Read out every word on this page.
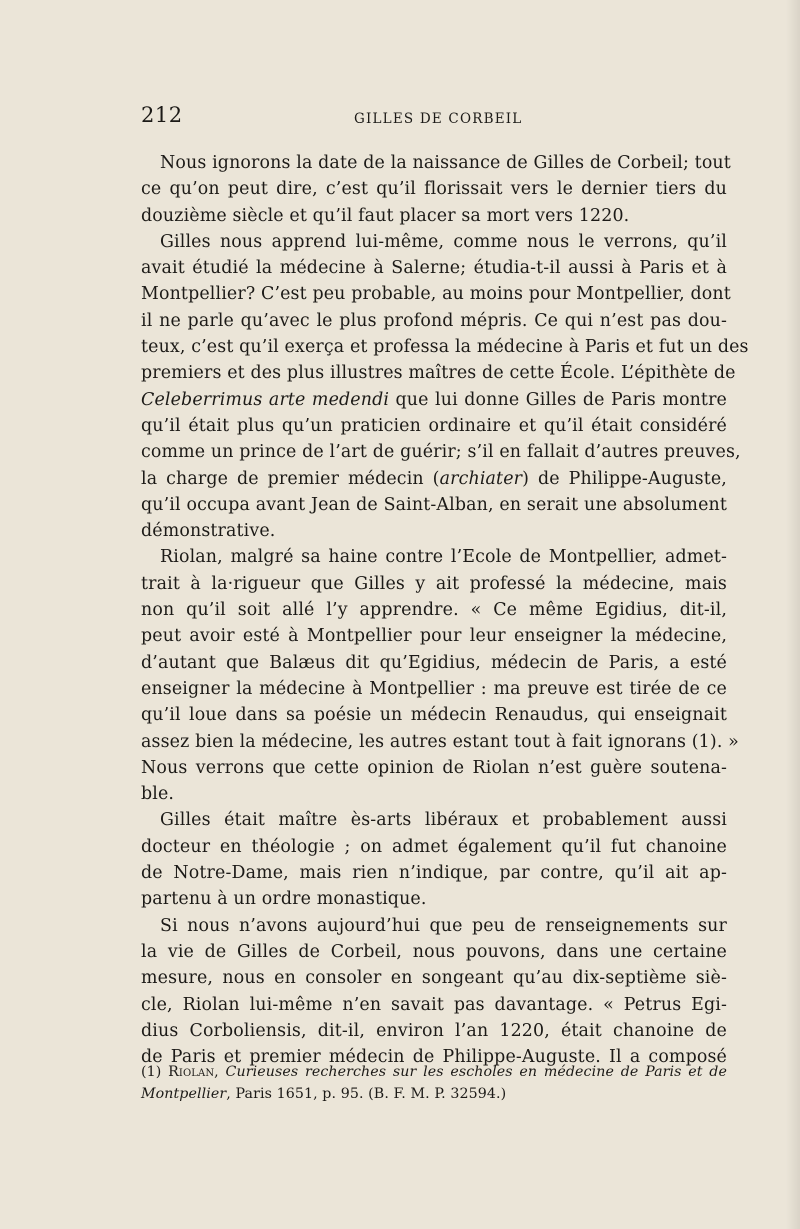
212	GILLES DE CORBEIL
Nous ignorons la date de la naissance de Gilles de Corbeil; tout
ce qu’on peut dire, c’est qu’il florissait vers le dernier tiers du
douzième siècle et qu’il faut placer sa mort vers 1220.
Gilles nous apprend lui-même, comme nous le verrons, qu’il
avait étudié la médecine à Salerne; étudia-t-il aussi à Paris et à
Montpellier? C’est peu probable, au moins pour Montpellier, dont
il ne parle qu’avec le plus profond mépris. Ce qui n’est pas dou-
teux, c’est qu’il exerça et professa la médecine à Paris et fut un des
premiers et des plus illustres maîtres de cette École. L’épithète de
Celeberrimus arte medendi que lui donne Gilles de Paris montre
qu’il était plus qu’un praticien ordinaire et qu’il était considéré
comme un prince de l’art de guérir; s’il en fallait d’autres preuves,
la charge de premier médecin (archiater) de Philippe-Auguste,
qu’il occupa avant Jean de Saint-Alban, en serait une absolument
démonstrative.
Riolan, malgré sa haine contre l’Ecole de Montpellier, admet-
trait à la·rigueur que Gilles y ait professé la médecine, mais
non qu’il soit allé l’y apprendre. « Ce même Egidius, dit-il,
peut avoir esté à Montpellier pour leur enseigner la médecine,
d’autant que Balæus dit qu’Egidius, médecin de Paris, a esté
enseigner la médecine à Montpellier : ma preuve est tirée de ce
qu’il loue dans sa poésie un médecin Renaudus, qui enseignait
assez bien la médecine, les autres estant tout à fait ignorans (1). »
Nous verrons que cette opinion de Riolan n’est guère soutena-
ble.
Gilles était maître ès-arts libéraux et probablement aussi
docteur en théologie ; on admet également qu’il fut chanoine
de Notre-Dame, mais rien n’indique, par contre, qu’il ait ap-
partenu à un ordre monastique.
Si nous n’avons aujourd’hui que peu de renseignements sur
la vie de Gilles de Corbeil, nous pouvons, dans une certaine
mesure, nous en consoler en songeant qu’au dix-septième siè-
cle, Riolan lui-même n’en savait pas davantage. « Petrus Egi-
dius Corboliensis, dit-il, environ l’an 1220, était chanoine de
de Paris et premier médecin de Philippe-Auguste. Il a composé
(1) Riolan, Curieuses recherches sur les escholes en médecine de Paris et de
Montpellier, Paris 1651, p. 95. (B. F. M. P. 32594.)
